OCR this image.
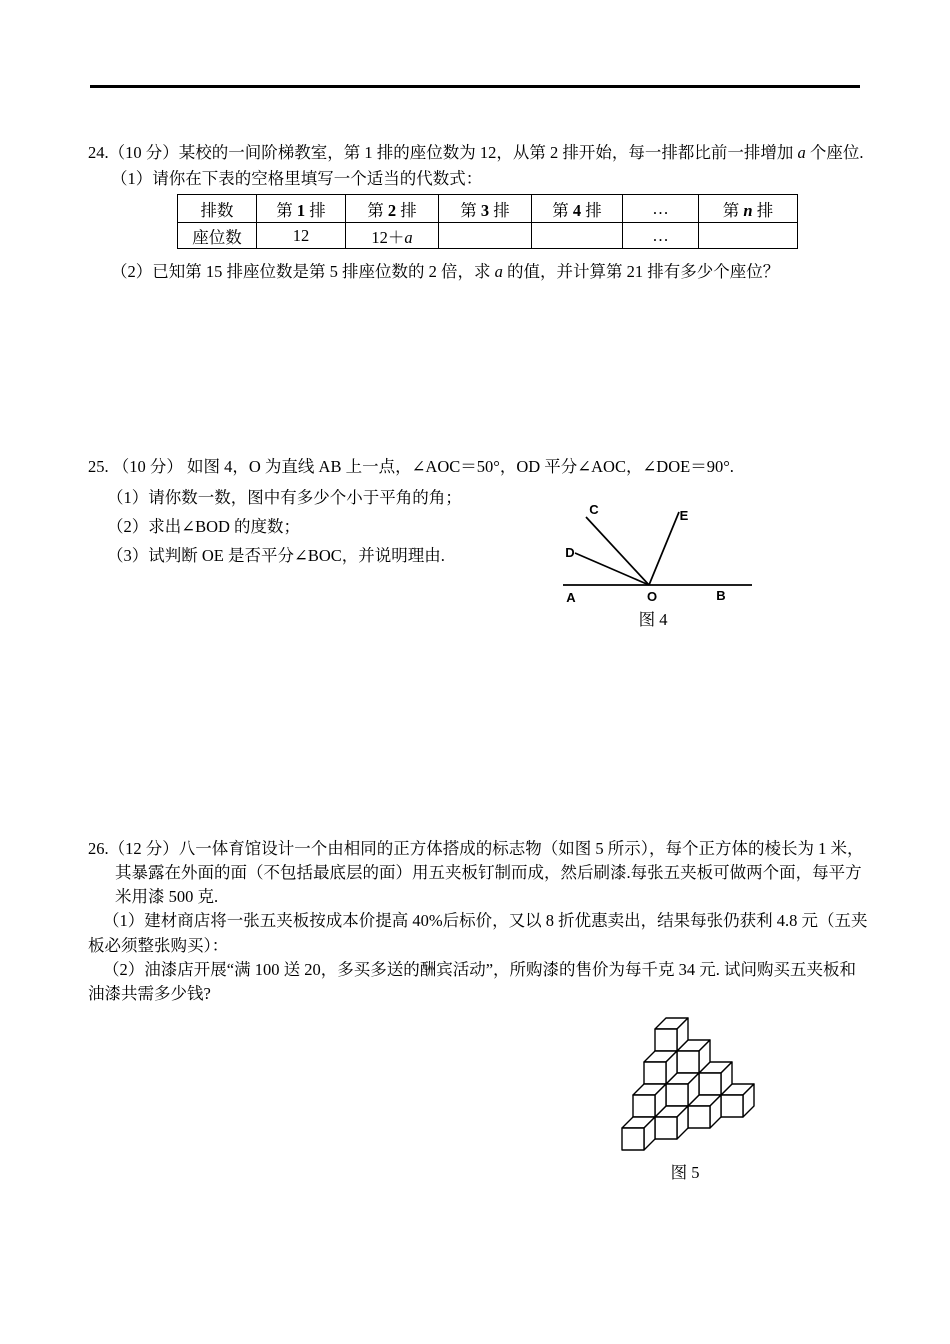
24.（10 分）某校的一间阶梯教室，第 1 排的座位数为 12，从第 2 排开始，每一排都比前一排增加 a 个座位.
（1）请你在下表的空格里填写一个适当的代数式：
排数	第 1 排	第 2 排	第 3 排	第 4 排	…	第 n 排
座位数	12	12＋a			…	
（2）已知第 15 排座位数是第 5 排座位数的 2 倍，求 a 的值，并计算第 21 排有多少个座位？
25. （10 分） 如图 4，O 为直线 AB 上一点，∠AOC＝50°，OD 平分∠AOC，∠DOE＝90°.
（1）请你数一数，图中有多少个小于平角的角；
（2）求出∠BOD 的度数；
（3）试判断 OE 是否平分∠BOC，并说明理由.
C	E
D
A	O	B
图 4
26.（12 分）八一体育馆设计一个由相同的正方体搭成的标志物（如图 5 所示），每个正方体的棱长为 1 米，
其暴露在外面的面（不包括最底层的面）用五夹板钉制而成，然后刷漆.每张五夹板可做两个面，每平方
米用漆 500 克.
（1）建材商店将一张五夹板按成本价提高 40%后标价，又以 8 折优惠卖出，结果每张仍获利 4.8 元（五夹
板必须整张购买）：
（2）油漆店开展“满 100 送 20，多买多送的酬宾活动”，所购漆的售价为每千克 34 元. 试问购买五夹板和
油漆共需多少钱?
图 5
